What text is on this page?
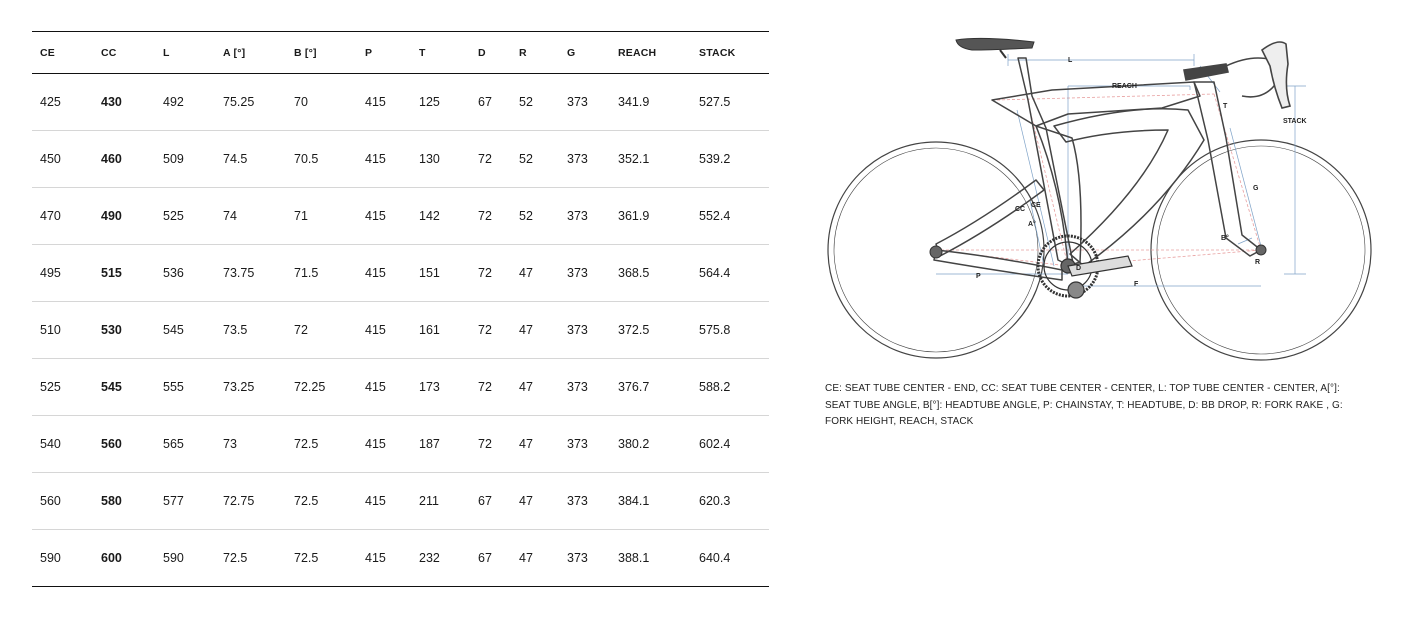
CE	CC	L	A [°]	B [°]	P	T	D	R	G	REACH	STACK
425	430	492	75.25	70	415	125	67	52	373	341.9	527.5
450	460	509	74.5	70.5	415	130	72	52	373	352.1	539.2
470	490	525	74	71	415	142	72	52	373	361.9	552.4
495	515	536	73.75	71.5	415	151	72	47	373	368.5	564.4
510	530	545	73.5	72	415	161	72	47	373	372.5	575.8
525	545	555	73.25	72.25	415	173	72	47	373	376.7	588.2
540	560	565	73	72.5	415	187	72	47	373	380.2	602.4
560	580	577	72.75	72.5	415	211	67	47	373	384.1	620.3
590	600	590	72.5	72.5	415	232	67	47	373	388.1	640.4
L
REACH
STACK
T
G
CC
CE
A°
B°
D
R
P
F

CE: SEAT TUBE CENTER - END, CC: SEAT TUBE CENTER - CENTER, L: TOP TUBE CENTER - CENTER, A[°]: SEAT TUBE ANGLE, B[°]: HEADTUBE ANGLE, P: CHAINSTAY, T: HEADTUBE, D: BB DROP, R: FORK RAKE , G: FORK HEIGHT, REACH, STACK
